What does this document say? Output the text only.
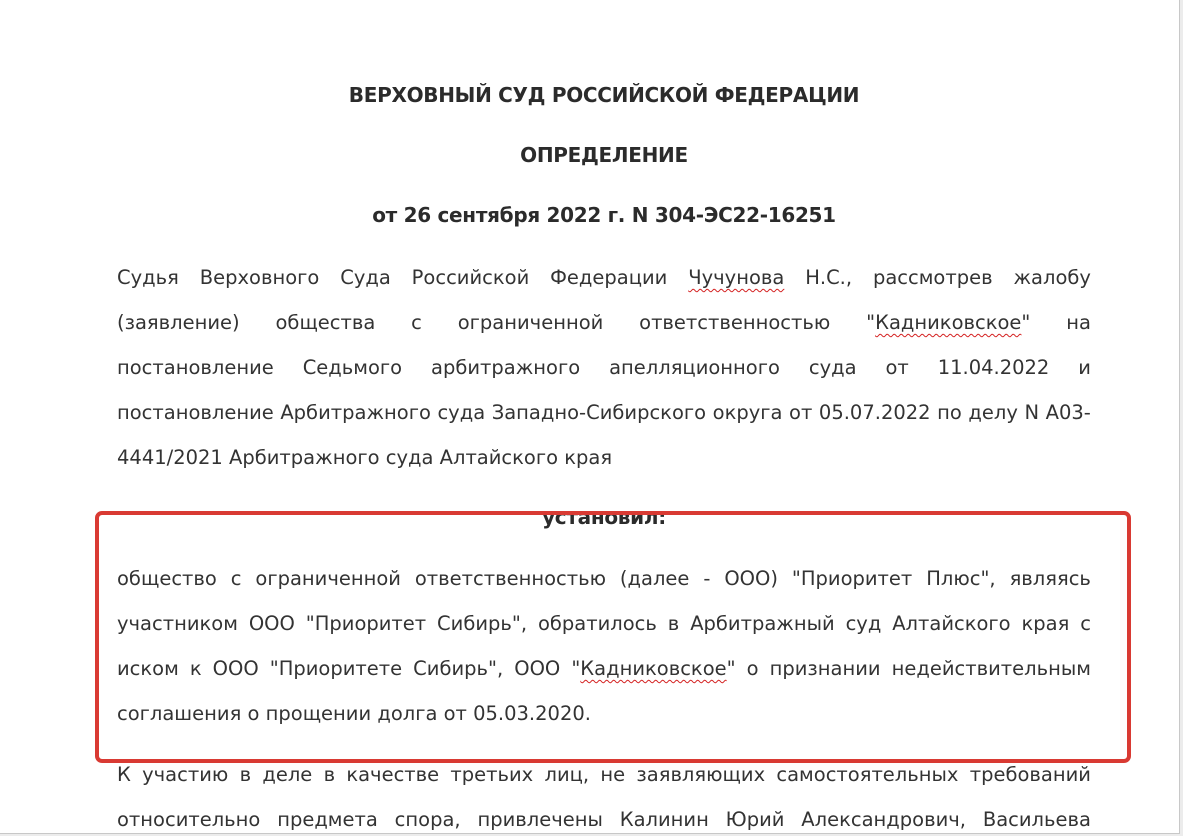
ВЕРХОВНЫЙ СУД РОССИЙСКОЙ ФЕДЕРАЦИИ
ОПРЕДЕЛЕНИЕ
от 26 сентября 2022 г. N 304-ЭС22-16251
Судья Верховного Суда Российской Федерации Чучунова Н.С., рассмотрев жалобу
(заявление) общества с ограниченной ответственностью "Кадниковское" на
постановление Седьмого арбитражного апелляционного суда от 11.04.2022 и
постановление Арбитражного суда Западно-Сибирского округа от 05.07.2022 по делу N А03-
4441/2021 Арбитражного суда Алтайского края
установил:
общество с ограниченной ответственностью (далее - ООО) "Приоритет Плюс", являясь
участником ООО "Приоритет Сибирь", обратилось в Арбитражный суд Алтайского края с
иском к ООО "Приоритете Сибирь", ООО "Кадниковское" о признании недействительным
соглашения о прощении долга от 05.03.2020.
К участию в деле в качестве третьих лиц, не заявляющих самостоятельных требований
относительно предмета спора, привлечены Калинин Юрий Александрович, Васильева
